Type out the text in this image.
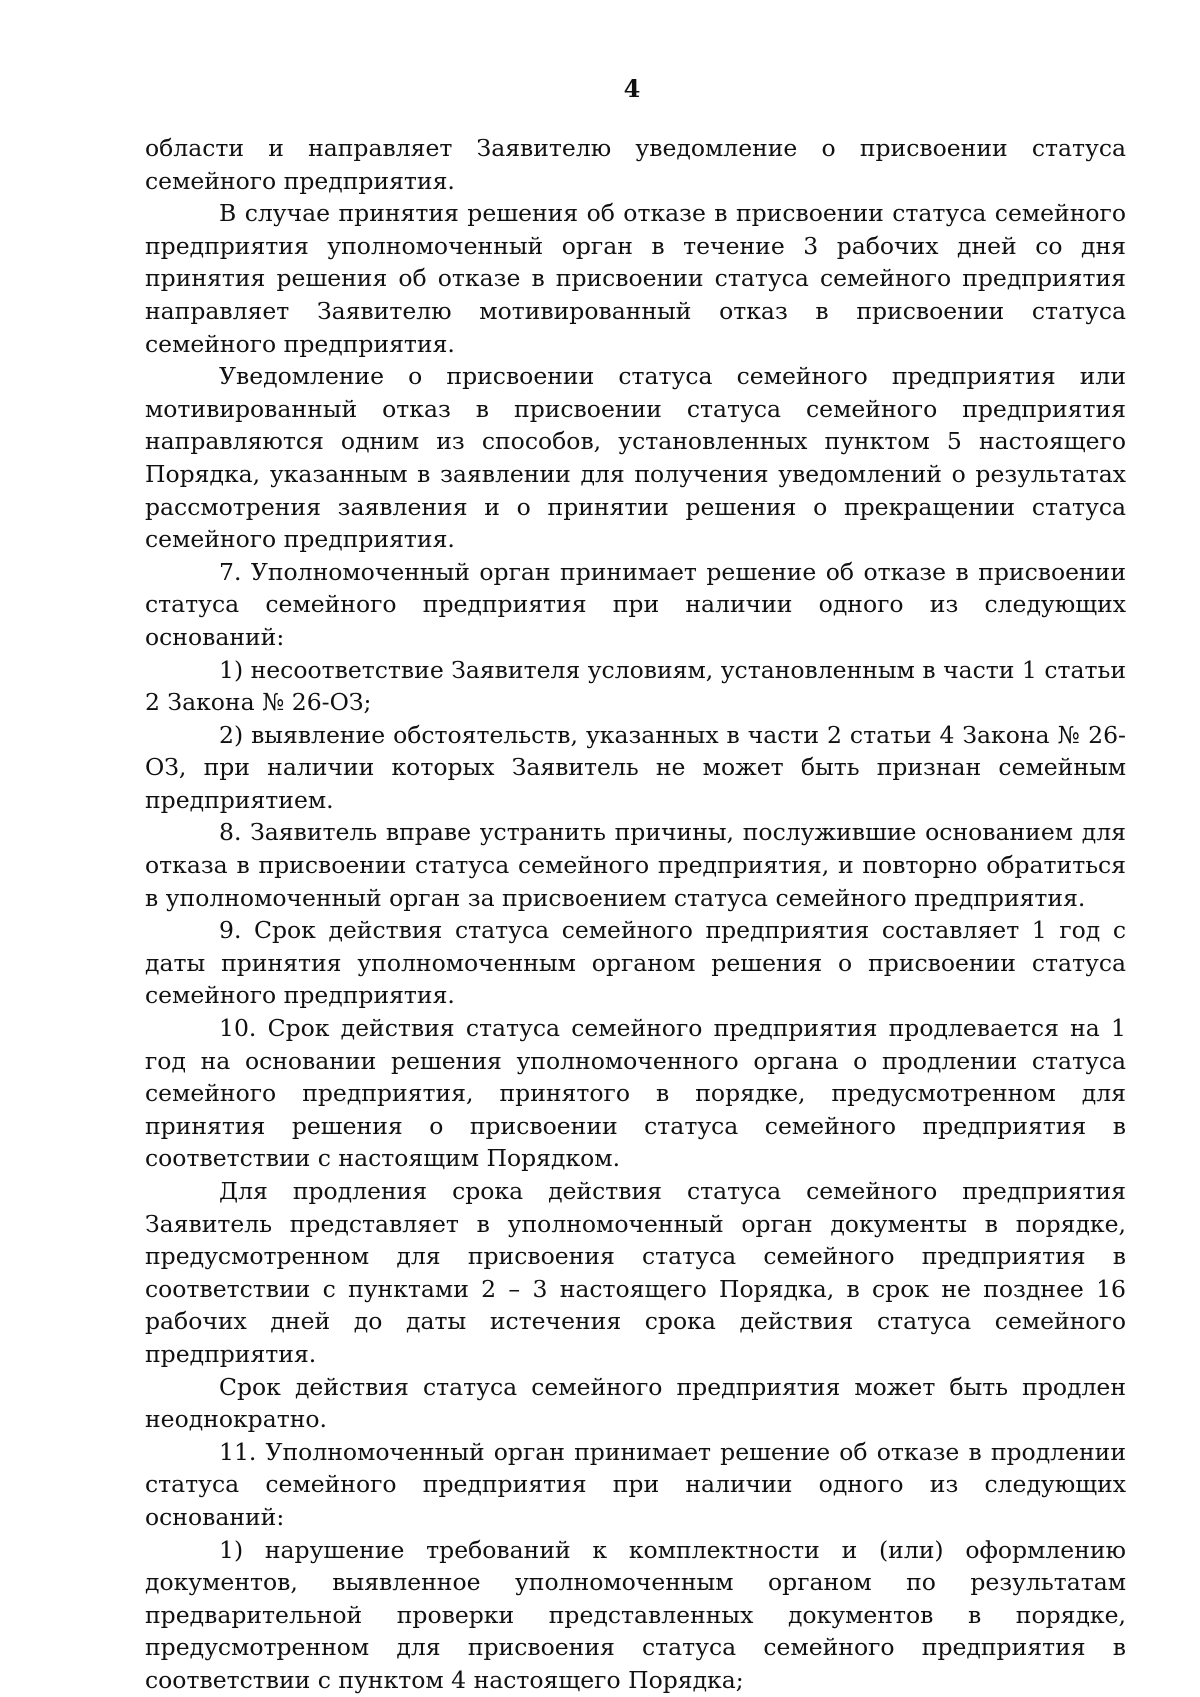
4

области и направляет Заявителю уведомление о присвоении статуса семейного предприятия.

В случае принятия решения об отказе в присвоении статуса семейного предприятия уполномоченный орган в течение 3 рабочих дней со дня принятия решения об отказе в присвоении статуса семейного предприятия направляет Заявителю мотивированный отказ в присвоении статуса семейного предприятия.

Уведомление о присвоении статуса семейного предприятия или мотивированный отказ в присвоении статуса семейного предприятия направляются одним из способов, установленных пунктом 5 настоящего Порядка, указанным в заявлении для получения уведомлений о результатах рассмотрения заявления и о принятии решения о прекращении статуса семейного предприятия.

7. Уполномоченный орган принимает решение об отказе в присвоении статуса семейного предприятия при наличии одного из следующих оснований:

1) несоответствие Заявителя условиям, установленным в части 1 статьи 2 Закона № 26-ОЗ;

2) выявление обстоятельств, указанных в части 2 статьи 4 Закона № 26-ОЗ, при наличии которых Заявитель не может быть признан семейным предприятием.

8. Заявитель вправе устранить причины, послужившие основанием для отказа в присвоении статуса семейного предприятия, и повторно обратиться в уполномоченный орган за присвоением статуса семейного предприятия.

9. Срок действия статуса семейного предприятия составляет 1 год с даты принятия уполномоченным органом решения о присвоении статуса семейного предприятия.

10. Срок действия статуса семейного предприятия продлевается на 1 год на основании решения уполномоченного органа о продлении статуса семейного предприятия, принятого в порядке, предусмотренном для принятия решения о присвоении статуса семейного предприятия в соответствии с настоящим Порядком.

Для продления срока действия статуса семейного предприятия Заявитель представляет в уполномоченный орган документы в порядке, предусмотренном для присвоения статуса семейного предприятия в соответствии с пунктами 2 – 3 настоящего Порядка, в срок не позднее 16 рабочих дней до даты истечения срока действия статуса семейного предприятия.

Срок действия статуса семейного предприятия может быть продлен неоднократно.

11. Уполномоченный орган принимает решение об отказе в продлении статуса семейного предприятия при наличии одного из следующих оснований:

1) нарушение требований к комплектности и (или) оформлению документов, выявленное уполномоченным органом по результатам предварительной проверки представленных документов в порядке, предусмотренном для присвоения статуса семейного предприятия в соответствии с пунктом 4 настоящего Порядка;
